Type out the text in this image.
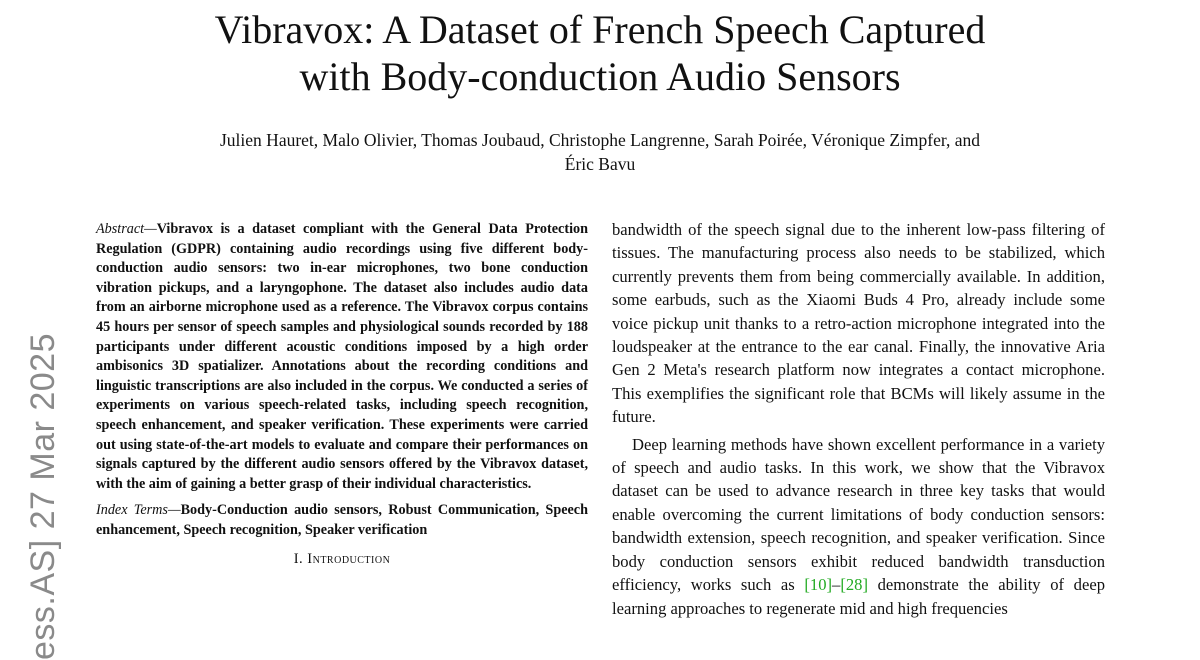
Vibravox: A Dataset of French Speech Captured
with Body-conduction Audio Sensors
Julien Hauret, Malo Olivier, Thomas Joubaud, Christophe Langrenne, Sarah Poirée, Véronique Zimpfer, and
Éric Bavu
ess.AS] 27 Mar 2025

Abstract—Vibravox is a dataset compliant with the General Data Protection Regulation (GDPR) containing audio recordings using five different body-conduction audio sensors: two in-ear microphones, two bone conduction vibration pickups, and a laryngophone. The dataset also includes audio data from an airborne microphone used as a reference. The Vibravox corpus contains 45 hours per sensor of speech samples and physiological sounds recorded by 188 participants under different acoustic conditions imposed by a high order ambisonics 3D spatializer. Annotations about the recording conditions and linguistic transcriptions are also included in the corpus. We conducted a series of experiments on various speech-related tasks, including speech recognition, speech enhancement, and speaker verification. These experiments were carried out using state-of-the-art models to evaluate and compare their performances on signals captured by the different audio sensors offered by the Vibravox dataset, with the aim of gaining a better grasp of their individual characteristics.

Index Terms—Body-Conduction audio sensors, Robust Communication, Speech enhancement, Speech recognition, Speaker verification

I. Introduction

bandwidth of the speech signal due to the inherent low-pass filtering of tissues. The manufacturing process also needs to be stabilized, which currently prevents them from being commercially available. In addition, some earbuds, such as the Xiaomi Buds 4 Pro, already include some voice pickup unit thanks to a retro-action microphone integrated into the loudspeaker at the entrance to the ear canal. Finally, the innovative Aria Gen 2 Meta's research platform now integrates a contact microphone. This exemplifies the significant role that BCMs will likely assume in the future.

Deep learning methods have shown excellent performance in a variety of speech and audio tasks. In this work, we show that the Vibravox dataset can be used to advance research in three key tasks that would enable overcoming the current limitations of body conduction sensors: bandwidth extension, speech recognition, and speaker verification. Since body conduction sensors exhibit reduced bandwidth transduction efficiency, works such as [10]–[28] demonstrate the ability of deep learning approaches to regenerate mid and high frequencies
